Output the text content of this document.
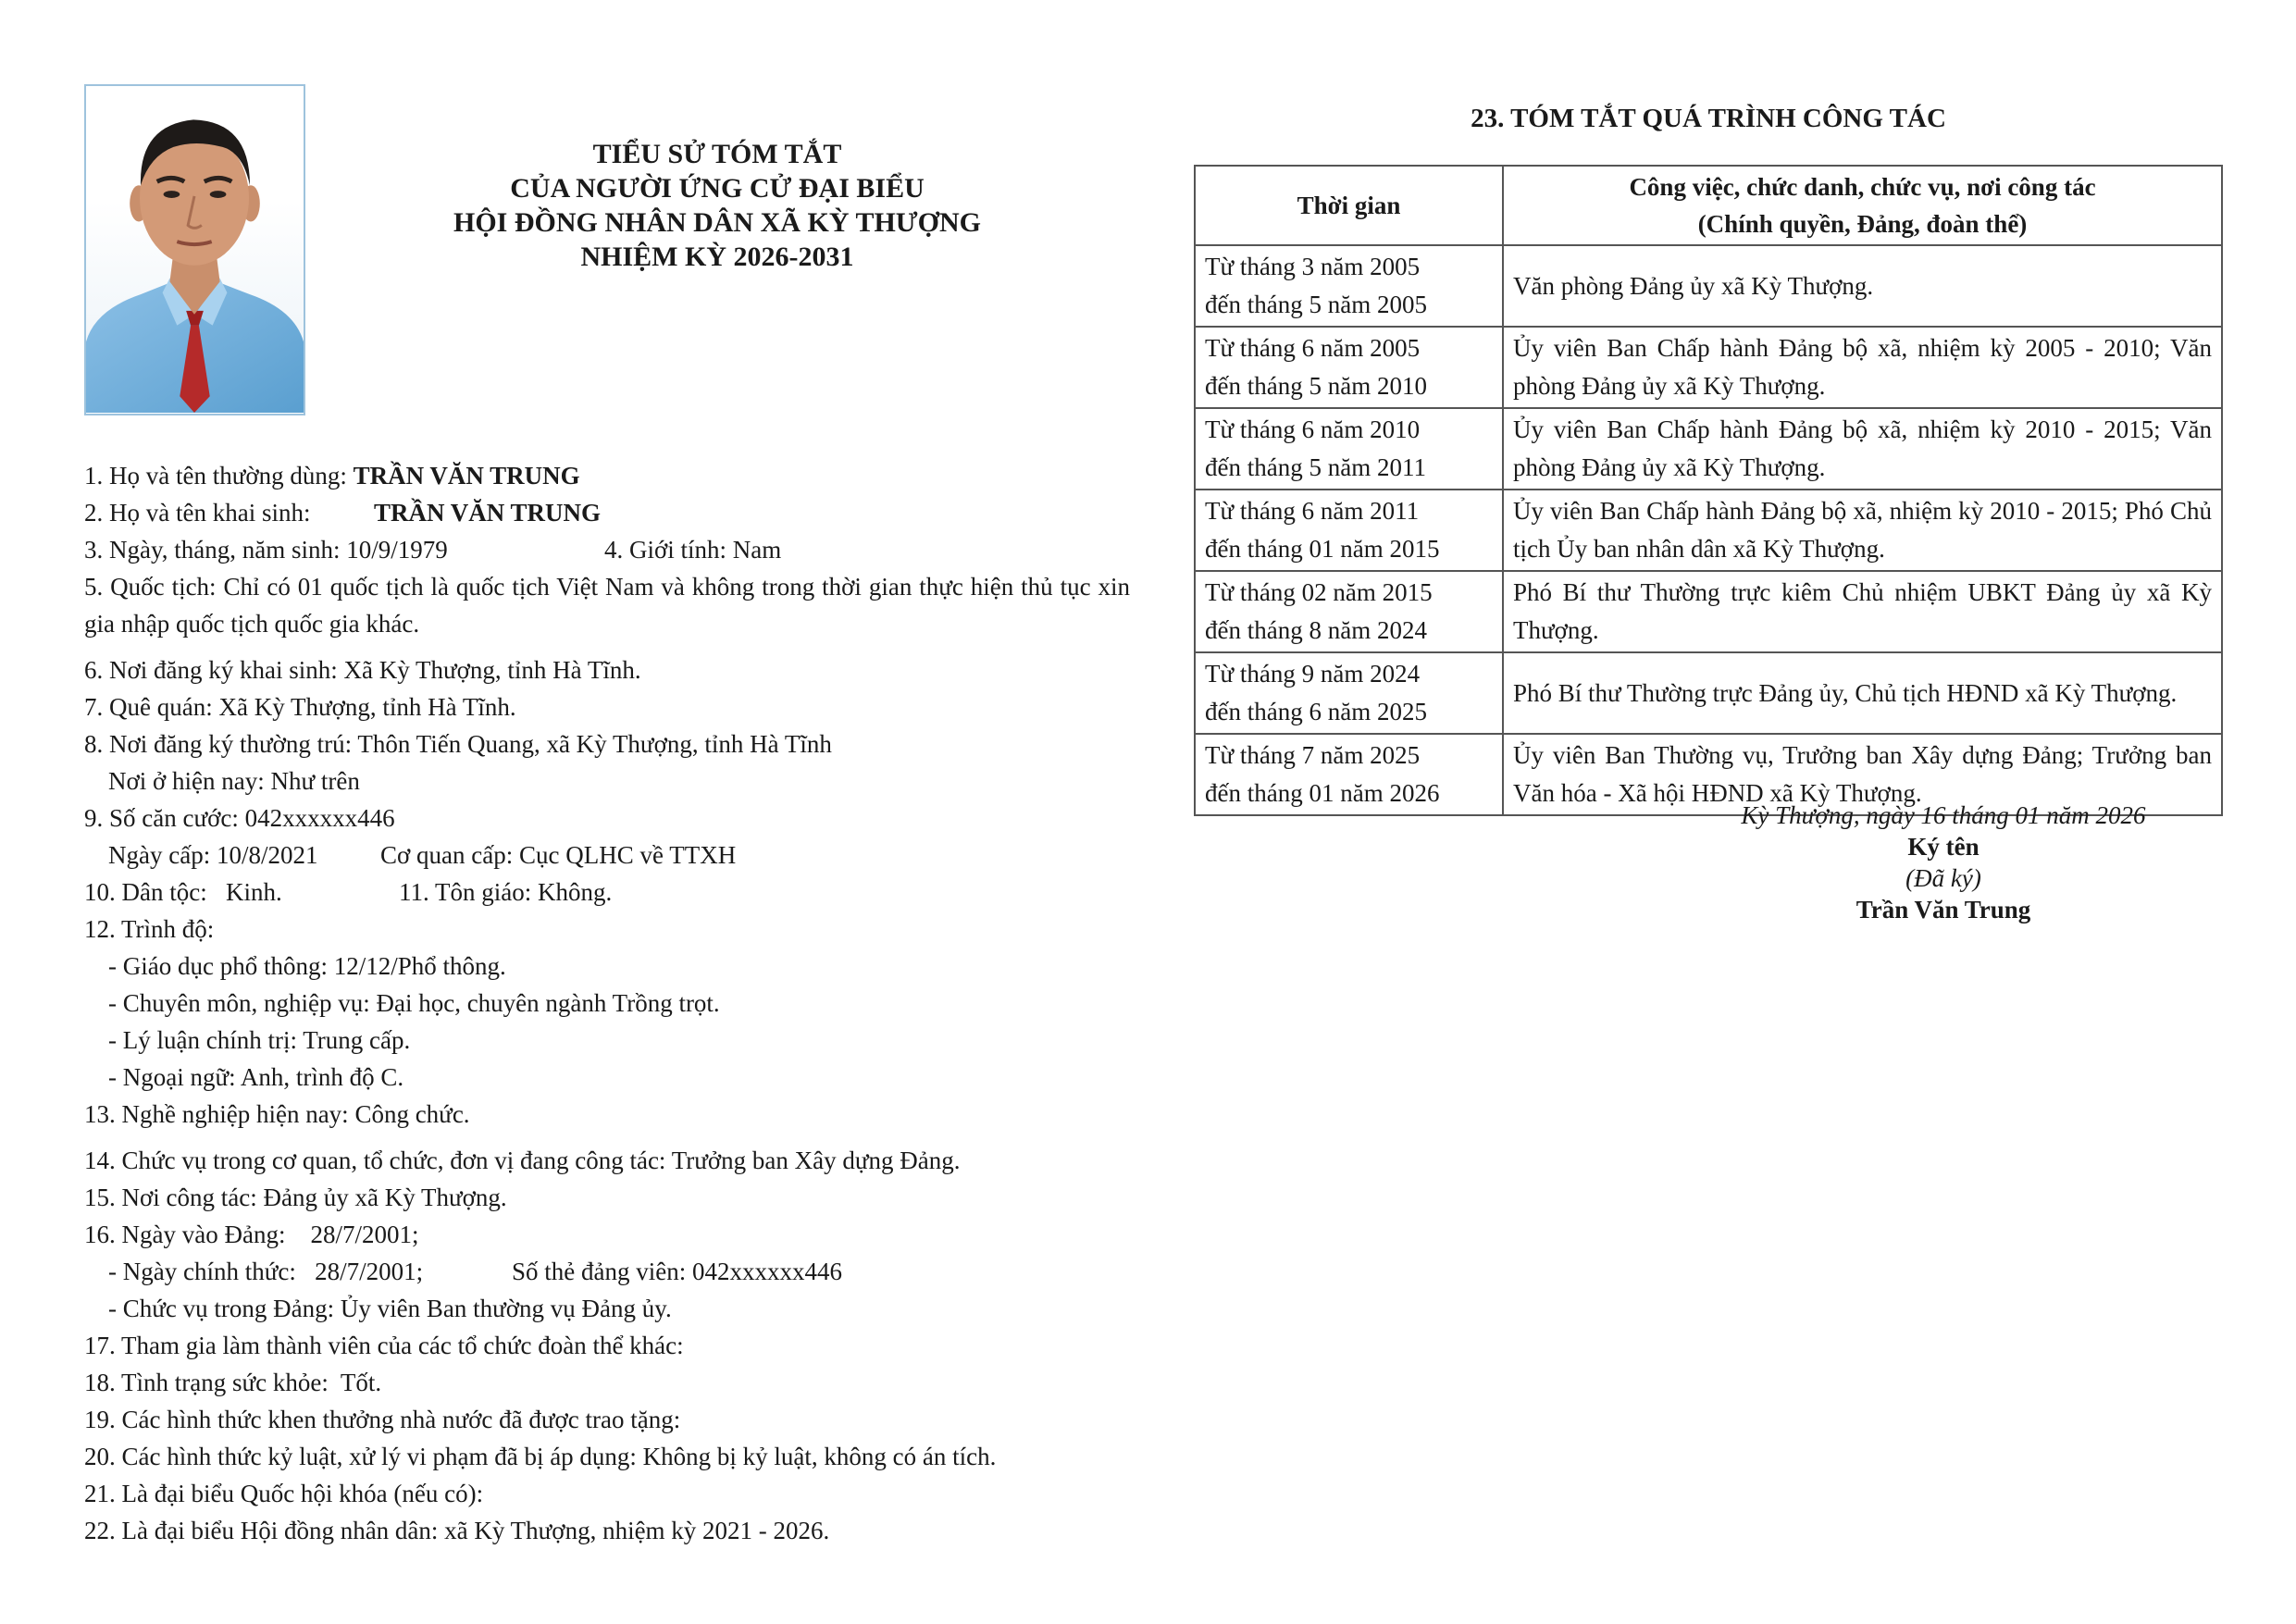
TIỂU SỬ TÓM TẮT
CỦA NGƯỜI ỨNG CỬ ĐẠI BIỂU
HỘI ĐỒNG NHÂN DÂN XÃ KỲ THƯỢNG
NHIỆM KỲ 2026-2031
1. Họ và tên thường dùng: TRẦN VĂN TRUNG
2. Họ và tên khai sinh:	TRẦN VĂN TRUNG
3. Ngày, tháng, năm sinh: 10/9/1979	4. Giới tính: Nam
5. Quốc tịch: Chỉ có 01 quốc tịch là quốc tịch Việt Nam và không trong thời gian thực hiện thủ tục xin gia nhập quốc tịch quốc gia khác.
6. Nơi đăng ký khai sinh: Xã Kỳ Thượng, tỉnh Hà Tĩnh.
7. Quê quán: Xã Kỳ Thượng, tỉnh Hà Tĩnh.
8. Nơi đăng ký thường trú: Thôn Tiến Quang, xã Kỳ Thượng, tỉnh Hà Tĩnh
Nơi ở hiện nay: Như trên
9. Số căn cước: 042xxxxxx446
Ngày cấp: 10/8/2021	Cơ quan cấp: Cục QLHC về TTXH
10. Dân tộc:   Kinh.	11. Tôn giáo: Không.
12. Trình độ:
- Giáo dục phổ thông: 12/12/Phổ thông.
- Chuyên môn, nghiệp vụ: Đại học, chuyên ngành Trồng trọt.
- Lý luận chính trị: Trung cấp.
- Ngoại ngữ: Anh, trình độ C.
13. Nghề nghiệp hiện nay: Công chức.
14. Chức vụ trong cơ quan, tổ chức, đơn vị đang công tác: Trưởng ban Xây dựng Đảng.
15. Nơi công tác: Đảng ủy xã Kỳ Thượng.
16. Ngày vào Đảng:    28/7/2001;
- Ngày chính thức:   28/7/2001;	Số thẻ đảng viên: 042xxxxxx446
- Chức vụ trong Đảng: Ủy viên Ban thường vụ Đảng ủy.
17. Tham gia làm thành viên của các tổ chức đoàn thể khác:
18. Tình trạng sức khỏe:  Tốt.
19. Các hình thức khen thưởng nhà nước đã được trao tặng:
20. Các hình thức kỷ luật, xử lý vi phạm đã bị áp dụng: Không bị kỷ luật, không có án tích.
21. Là đại biểu Quốc hội khóa (nếu có):
22. Là đại biểu Hội đồng nhân dân: xã Kỳ Thượng, nhiệm kỳ 2021 - 2026.
23. TÓM TẮT QUÁ TRÌNH CÔNG TÁC
Thời gian	Công việc, chức danh, chức vụ, nơi công tác
(Chính quyền, Đảng, đoàn thể)

Từ tháng 3 năm 2005
đến tháng 5 năm 2005	Văn phòng Đảng ủy xã Kỳ Thượng.

Từ tháng 6 năm 2005
đến tháng 5 năm 2010	Ủy viên Ban Chấp hành Đảng bộ xã, nhiệm kỳ 2005 - 2010; Văn phòng Đảng ủy xã Kỳ Thượng.

Từ tháng 6 năm 2010
đến tháng 5 năm 2011	Ủy viên Ban Chấp hành Đảng bộ xã, nhiệm kỳ 2010 - 2015; Văn phòng Đảng ủy xã Kỳ Thượng.

Từ tháng 6 năm 2011
đến tháng 01 năm 2015	Ủy viên Ban Chấp hành Đảng bộ xã, nhiệm kỳ 2010 - 2015; Phó Chủ tịch Ủy ban nhân dân xã Kỳ Thượng.

Từ tháng 02 năm 2015
đến tháng 8 năm 2024	Phó Bí thư Thường trực kiêm Chủ nhiệm UBKT Đảng ủy xã Kỳ Thượng.

Từ tháng 9 năm 2024
đến tháng 6 năm 2025	Phó Bí thư Thường trực Đảng ủy, Chủ tịch HĐND xã Kỳ Thượng.

Từ tháng 7 năm 2025
đến tháng 01 năm 2026	Ủy viên Ban Thường vụ, Trưởng ban Xây dựng Đảng; Trưởng ban Văn hóa - Xã hội HĐND xã Kỳ Thượng.
Kỳ Thượng, ngày 16 tháng 01 năm 2026
Ký tên
(Đã ký)
Trần Văn Trung
